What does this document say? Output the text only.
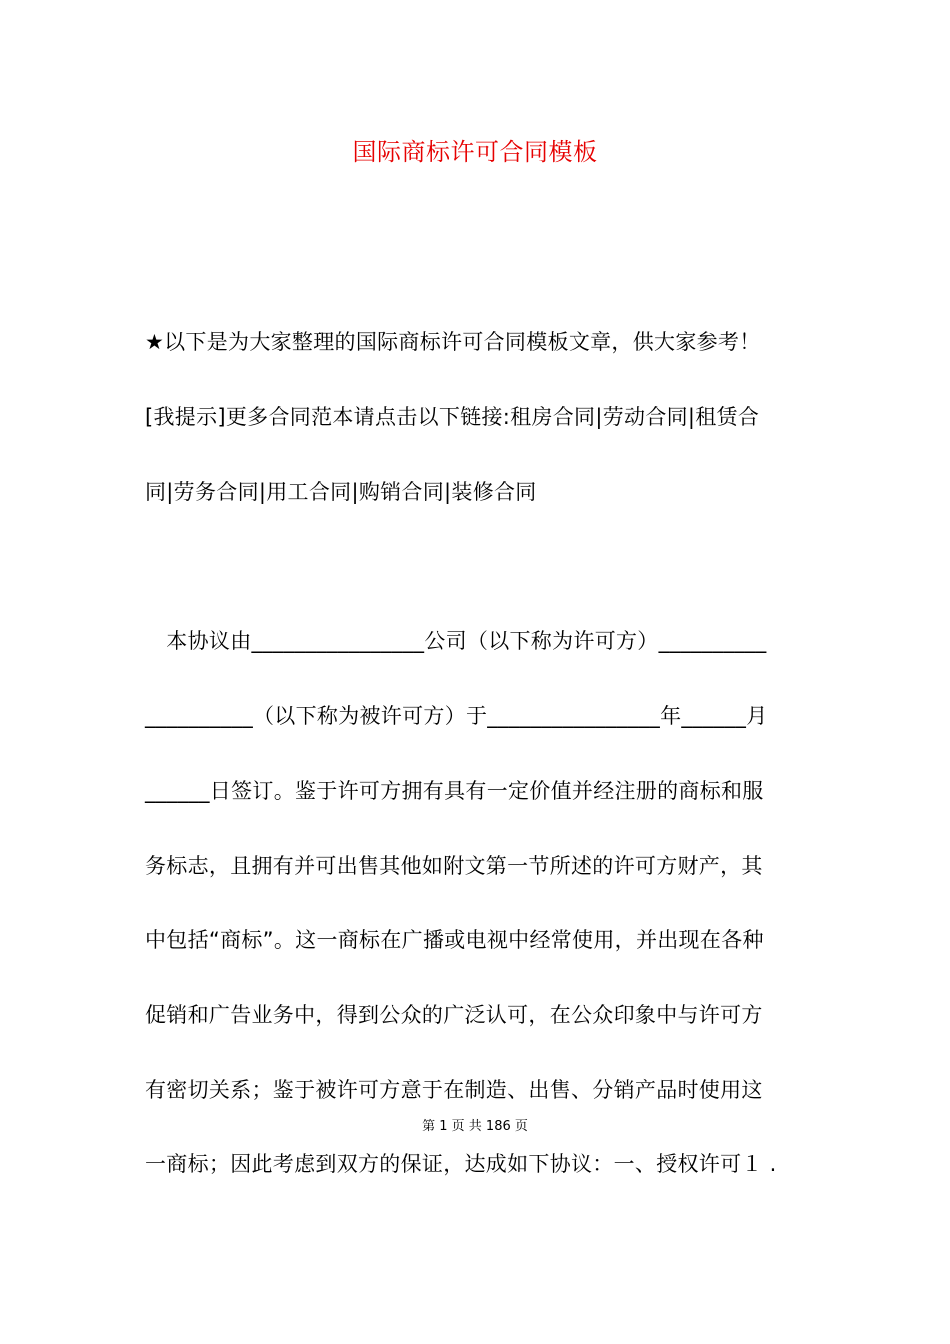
国际商标许可合同模板
★以下是为大家整理的国际商标许可合同模板文章，供大家参考！
[我提示]更多合同范本请点击以下链接:租房合同|劳动合同|租赁合
同|劳务合同|用工合同|购销合同|装修合同
　本协议由________________公司（以下称为许可方）__________
__________（以下称为被许可方）于________________年______月
______日签订。鉴于许可方拥有具有一定价值并经注册的商标和服
务标志，且拥有并可出售其他如附文第一节所述的许可方财产，其
中包括“商标”。这一商标在广播或电视中经常使用，并出现在各种
促销和广告业务中，得到公众的广泛认可，在公众印象中与许可方
有密切关系；鉴于被许可方意于在制造、出售、分销产品时使用这
第 1 页 共 186 页
一商标；因此考虑到双方的保证，达成如下协议：一、授权许可１ .
